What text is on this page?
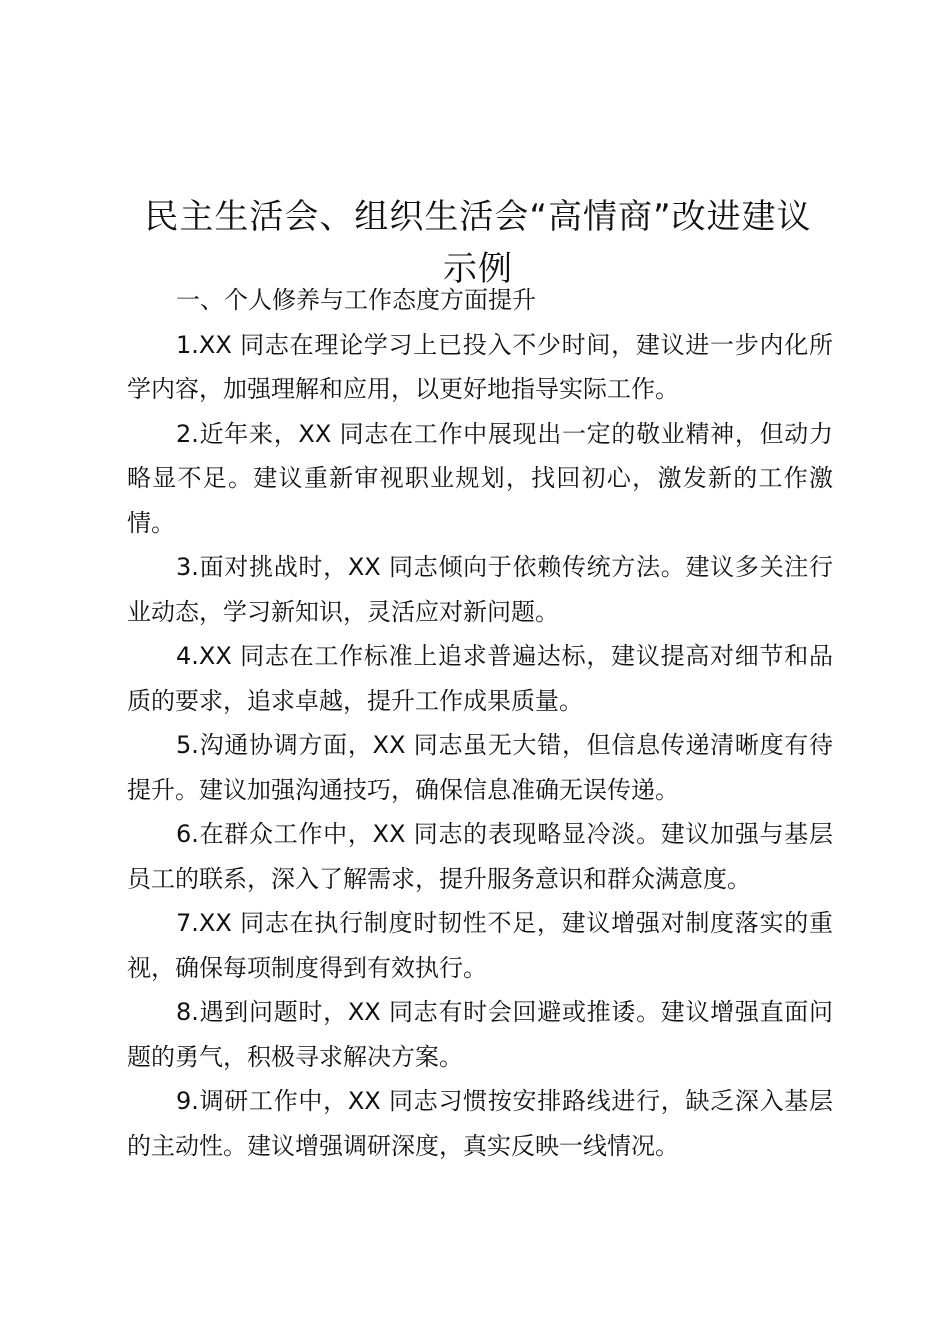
民主生活会、组织生活会“高情商”改进建议
示例

一、个人修养与工作态度方面提升

1.XX 同志在理论学习上已投入不少时间，建议进一步内化所学内容，加强理解和应用，以更好地指导实际工作。

2.近年来，XX 同志在工作中展现出一定的敬业精神，但动力略显不足。建议重新审视职业规划，找回初心，激发新的工作激情。

3.面对挑战时，XX 同志倾向于依赖传统方法。建议多关注行业动态，学习新知识，灵活应对新问题。

4.XX 同志在工作标准上追求普遍达标，建议提高对细节和品质的要求，追求卓越，提升工作成果质量。

5.沟通协调方面，XX 同志虽无大错，但信息传递清晰度有待提升。建议加强沟通技巧，确保信息准确无误传递。

6.在群众工作中，XX 同志的表现略显冷淡。建议加强与基层员工的联系，深入了解需求，提升服务意识和群众满意度。

7.XX 同志在执行制度时韧性不足，建议增强对制度落实的重视，确保每项制度得到有效执行。

8.遇到问题时，XX 同志有时会回避或推诿。建议增强直面问题的勇气，积极寻求解决方案。

9.调研工作中，XX 同志习惯按安排路线进行，缺乏深入基层的主动性。建议增强调研深度，真实反映一线情况。
